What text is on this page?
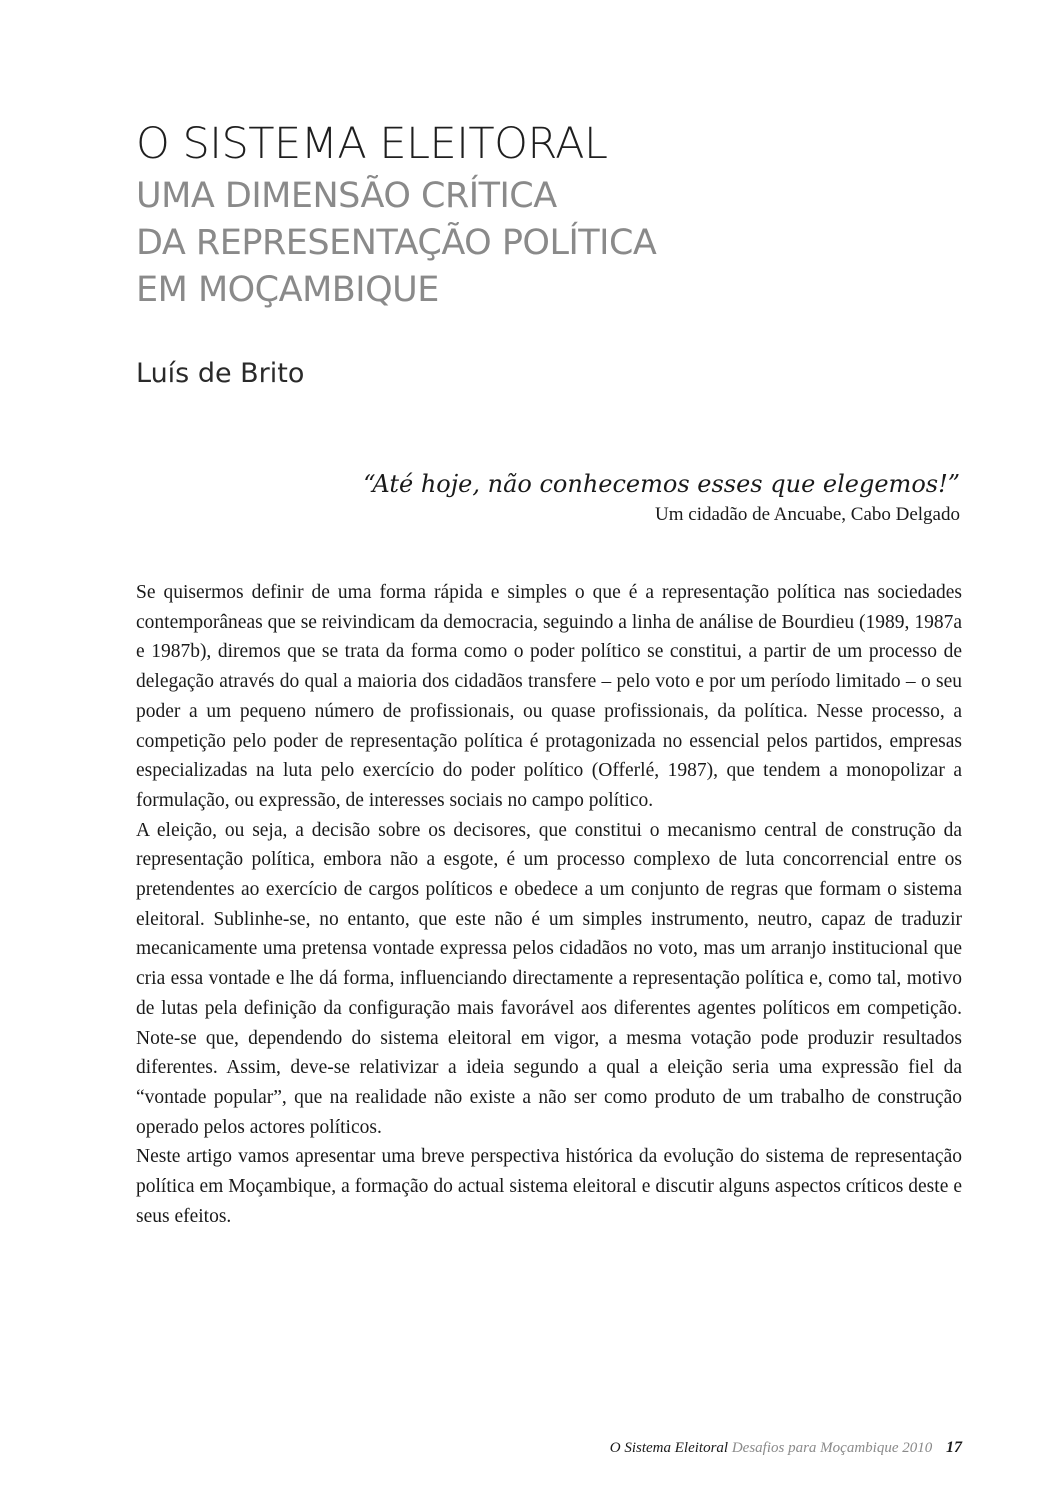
O SISTEMA ELEITORAL
UMA DIMENSÃO CRÍTICA
DA REPRESENTAÇÃO POLÍTICA
EM MOÇAMBIQUE
Luís de Brito
“Até hoje, não conhecemos esses que elegemos!”
Um cidadão de Ancuabe, Cabo Delgado

Se quisermos definir de uma forma rápida e simples o que é a representação política nas sociedades contemporâneas que se reivindicam da democracia, seguindo a linha de análise de Bourdieu (1989, 1987a e 1987b), diremos que se trata da forma como o poder político se constitui, a partir de um processo de delegação através do qual a maioria dos cidadãos transfere – pelo voto e por um período limitado – o seu poder a um pequeno número de profissionais, ou quase profissionais, da política. Nesse processo, a competição pelo poder de representação política é protagonizada no essencial pelos partidos, empresas especializadas na luta pelo exercício do poder político (Offerlé, 1987), que tendem a monopolizar a formulação, ou expressão, de interesses sociais no campo político.

A eleição, ou seja, a decisão sobre os decisores, que constitui o mecanismo central de construção da representação política, embora não a esgote, é um processo complexo de luta concorrencial entre os pretendentes ao exercício de cargos políticos e obedece a um conjunto de regras que formam o sistema eleitoral. Sublinhe-se, no entanto, que este não é um simples instrumento, neutro, capaz de traduzir mecanicamente uma pretensa vontade expressa pelos cidadãos no voto, mas um arranjo institucional que cria essa vontade e lhe dá forma, influenciando directamente a representação política e, como tal, motivo de lutas pela definição da configuração mais favorável aos diferentes agentes políticos em competição. Note-se que, dependendo do sistema eleitoral em vigor, a mesma votação pode produzir resultados diferentes. Assim, deve-se relativizar a ideia segundo a qual a eleição seria uma expressão fiel da “vontade popular”, que na realidade não existe a não ser como produto de um trabalho de construção operado pelos actores políticos.

Neste artigo vamos apresentar uma breve perspectiva histórica da evolução do sistema de representação política em Moçambique, a formação do actual sistema eleitoral e discutir alguns aspectos críticos deste e seus efeitos.

O Sistema Eleitoral Desafios para Moçambique 2010 17
